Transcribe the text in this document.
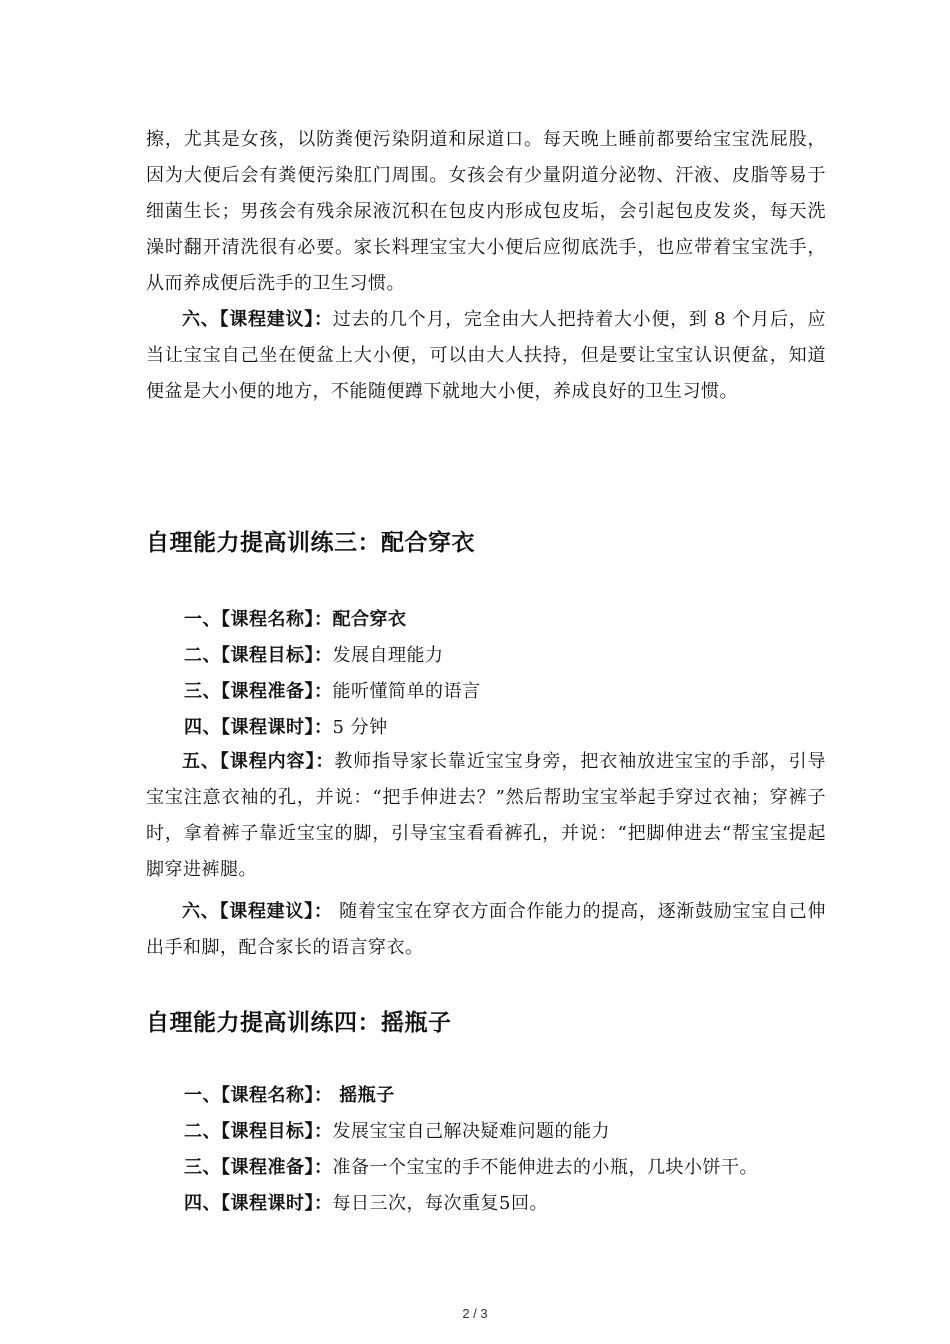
擦，尤其是女孩，以防粪便污染阴道和尿道口。每天晚上睡前都要给宝宝洗屁股，因为大便后会有粪便污染肛门周围。女孩会有少量阴道分泌物、汗液、皮脂等易于细菌生长；男孩会有残余尿液沉积在包皮内形成包皮垢，会引起包皮发炎，每天洗澡时翻开清洗很有必要。家长料理宝宝大小便后应彻底洗手，也应带着宝宝洗手，从而养成便后洗手的卫生习惯。

六、【课程建议】：过去的几个月，完全由大人把持着大小便，到 8 个月后，应当让宝宝自己坐在便盆上大小便，可以由大人扶持，但是要让宝宝认识便盆，知道便盆是大小便的地方，不能随便蹲下就地大小便，养成良好的卫生习惯。

自理能力提高训练三：配合穿衣

一、【课程名称】：配合穿衣

二、【课程目标】：发展自理能力

三、【课程准备】：能听懂简单的语言

四、【课程课时】：5 分钟

五、【课程内容】：教师指导家长靠近宝宝身旁，把衣袖放进宝宝的手部，引导宝宝注意衣袖的孔，并说：“把手伸进去？”然后帮助宝宝举起手穿过衣袖；穿裤子时，拿着裤子靠近宝宝的脚，引导宝宝看看裤孔，并说：“把脚伸进去“帮宝宝提起脚穿进裤腿。

六、【课程建议】： 随着宝宝在穿衣方面合作能力的提高，逐渐鼓励宝宝自己伸出手和脚，配合家长的语言穿衣。

自理能力提高训练四：摇瓶子

一、【课程名称】： 摇瓶子

二、【课程目标】：发展宝宝自己解决疑难问题的能力

三、【课程准备】：准备一个宝宝的手不能伸进去的小瓶，几块小饼干。

四、【课程课时】：每日三次，每次重复5回。

2 / 3
